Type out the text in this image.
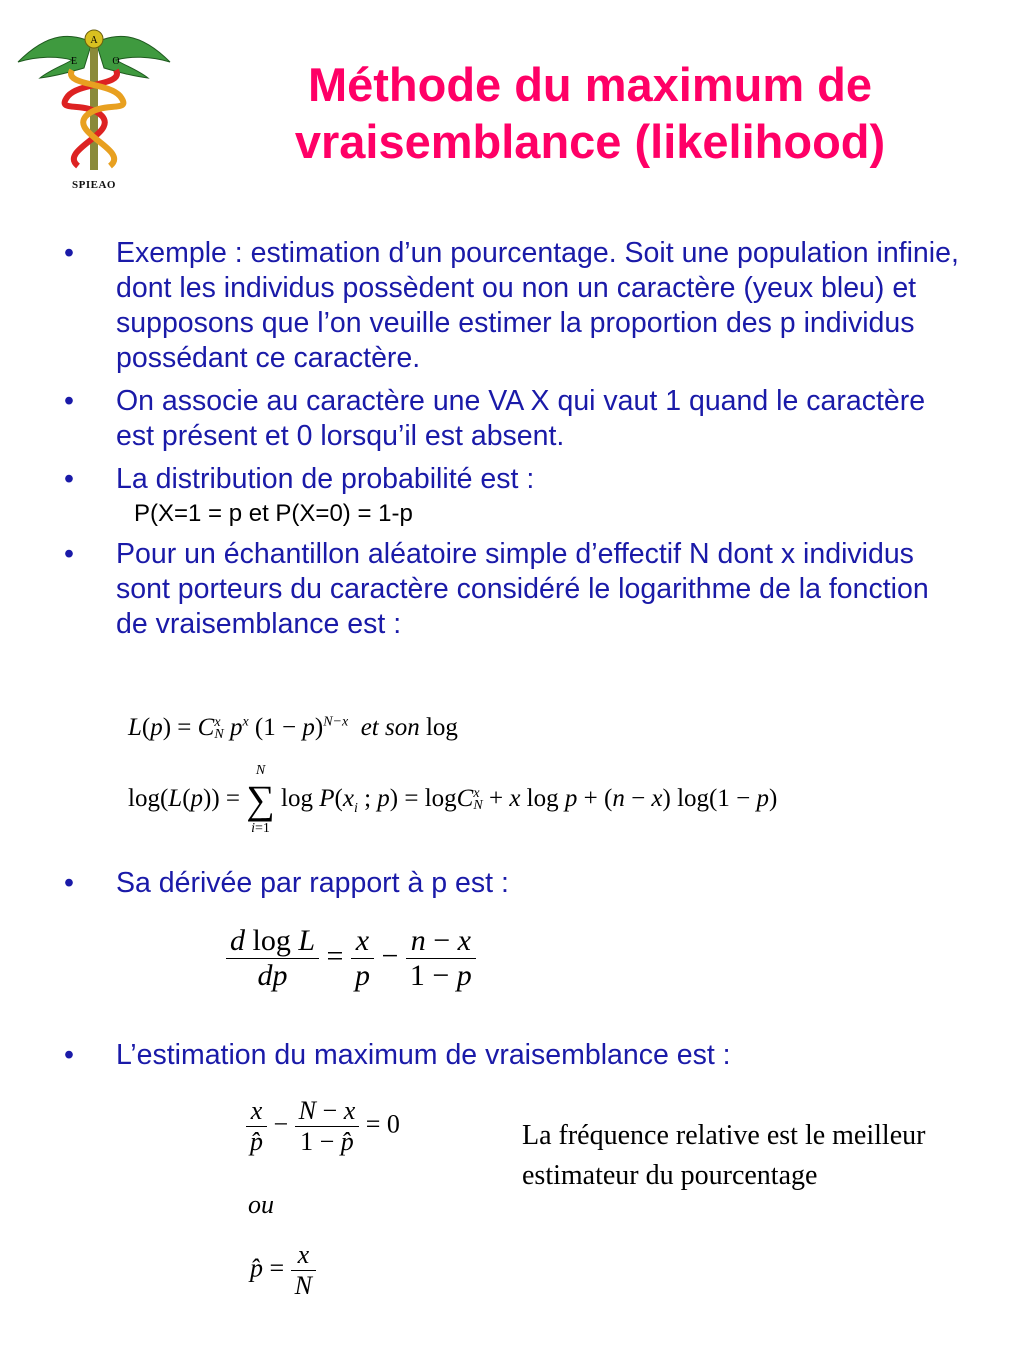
A
E	O
SPIEAO
Méthode du maximum de vraisemblance (likelihood)
• Exemple : estimation d’un pourcentage. Soit une population infinie, dont les individus possèdent ou non un caractère (yeux bleu) et supposons que l’on veuille estimer la proportion des p individus possédant ce caractère.
• On associe au caractère une VA X qui vaut 1 quand le caractère est présent et 0 lorsqu’il est absent.
• La distribution de probabilité est :
P(X=1 = p et P(X=0) = 1-p
• Pour un échantillon aléatoire simple d’effectif N dont x individus sont porteurs du caractère considéré le logarithme de la fonction de vraisemblance est :
L(p) = C x
N $p^x$ $(1 - p)^{N-x}$ et son log
log(L(p)) =
N
∑
i=1
$\log P(x_i$ ; p) = logC x
N + x log p + (n − x) log(1 − p)
• Sa dérivée par rapport à p est :
$\frac{\text{d log L}}{dp} = \frac{x}{p} - \frac{n - x}{1 - p}$
• L’estimation du maximum de vraisemblance est :
$\frac{x}{p̂} - \frac{N - x}{1 - p̂} = 0$
ou
p̂ = $\frac{x}{N}$
La fréquence relative est le meilleur estimateur du pourcentage
